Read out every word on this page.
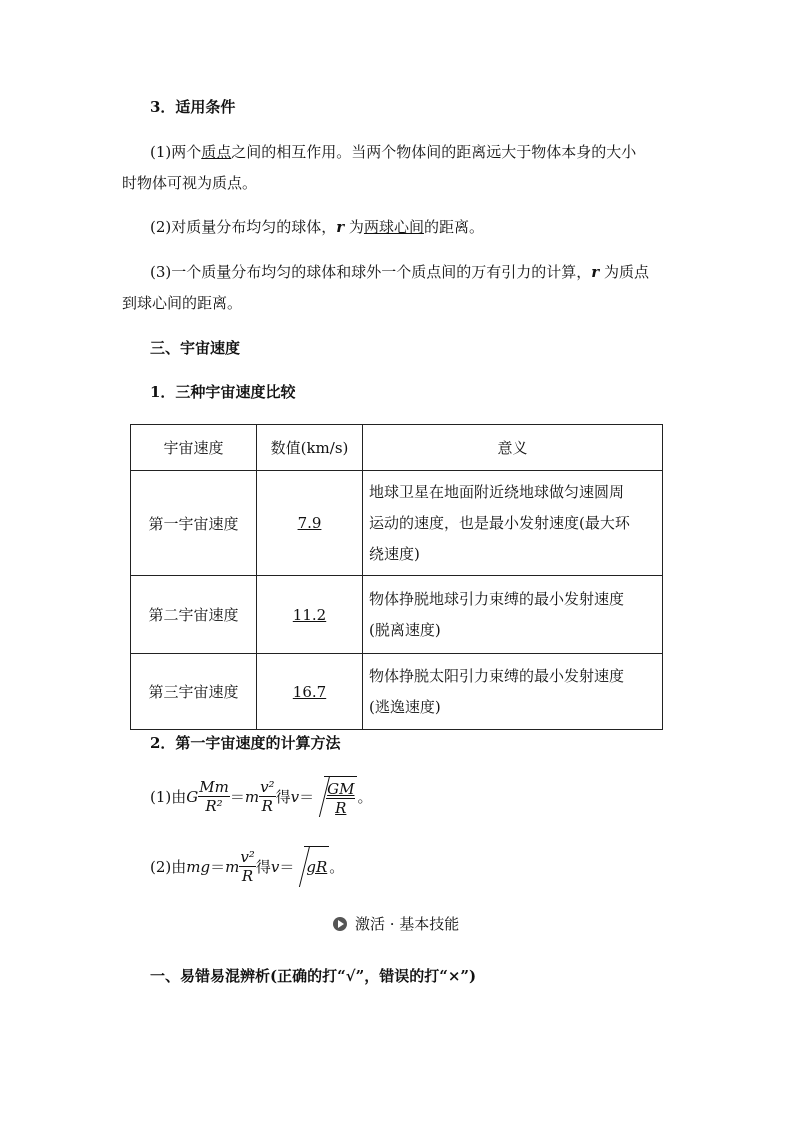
3．适用条件
(1)两个质点之间的相互作用。当两个物体间的距离远大于物体本身的大小
时物体可视为质点。
(2)对质量分布均匀的球体，r 为两球心间的距离。
(3)一个质量分布均匀的球体和球外一个质点间的万有引力的计算，r 为质点
到球心间的距离。
三、宇宙速度
1．三种宇宙速度比较
宇宙速度	数值(km/s)	意义
第一宇宙速度	7.9	地球卫星在地面附近绕地球做匀速圆周
运动的速度，也是最小发射速度(最大环
绕速度)

第二宇宙速度	11.2	物体挣脱地球引力束缚的最小发射速度
(脱离速度)

第三宇宙速度	16.7	物体挣脱太阳引力束缚的最小发射速度
(逃逸速度)
2．第一宇宙速度的计算方法
(1)由 G $\frac{Mm}{\text{R²}} = m \frac{\text{v²}}{R}$ 得 $v = \frac{GM}{R}$ 。
(2)由 mg ＝ m $\frac{\text{v²}}{R}$ 得 v ＝ gR 。
激活 · 基本技能
一、易错易混辨析(正确的打“√”，错误的打“×”)
